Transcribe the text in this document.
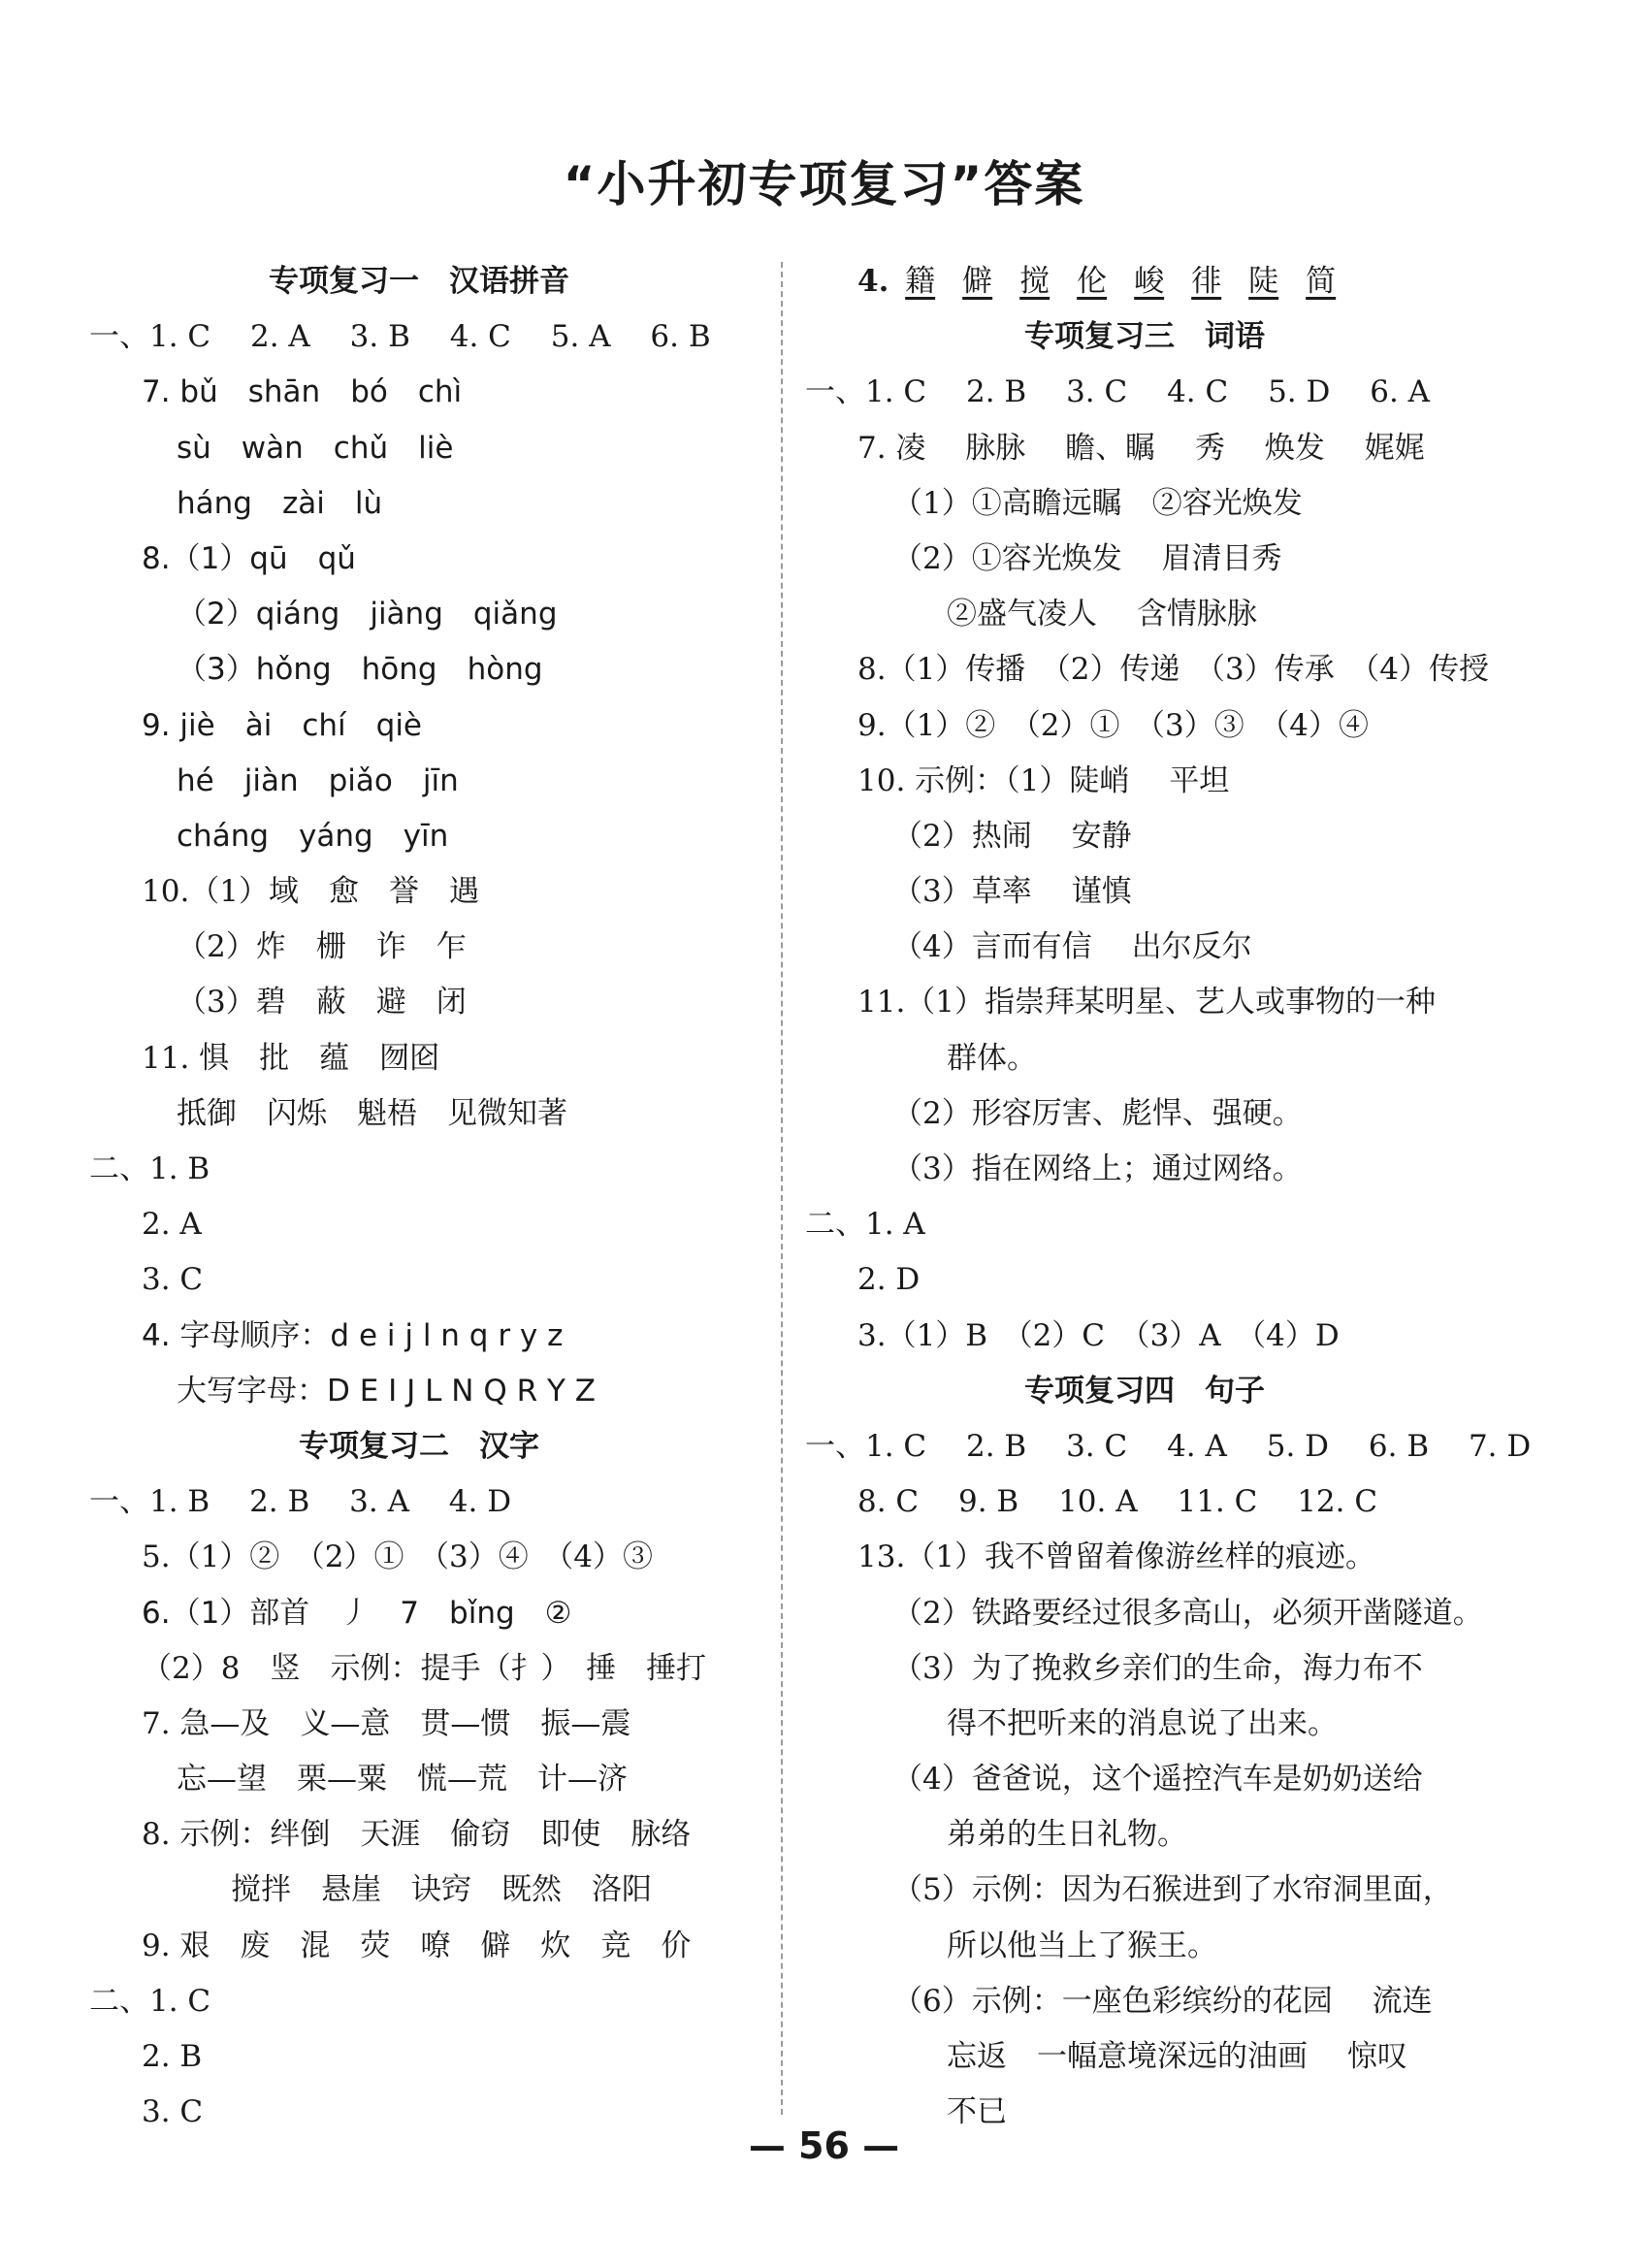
“小升初专项复习”答案
专项复习一　汉语拼音
一、1. C　 2. A　 3. B　 4. C　 5. A　 6. B
7. bǔ　shān　bó　chì
sù　wàn　chǔ　liè
háng　zài　lù
8.（1）qū　qǔ
（2）qiáng　jiàng　qiǎng
（3）hǒng　hōng　hòng
9. jiè　ài　chí　qiè
hé　jiàn　piǎo　jīn
cháng　yáng　yīn
10.（1）域　愈　誉　遇
（2）炸　栅　诈　乍
（3）碧　蔽　避　闭
11. 惧　批　蕴　囫囵
抵御　闪烁　魁梧　见微知著
二、1. B
2. A
3. C
4. 字母顺序：d e i j l n q r y z
大写字母：D E I J L N Q R Y Z
专项复习二　汉字
一、1. B　 2. B　 3. A　 4. D
5.（1）②　（2）①　（3）④　（4）③
6.（1）部首　丿　7　bǐng　②
（2）8　竖　示例：提手（扌）　捶　捶打
7. 急—及　义—意　贯—惯　振—震
忘—望　栗—粟　慌—荒　计—济
8. 示例：绊倒　天涯　偷窃　即使　脉络
搅拌　悬崖　诀窍　既然　洛阳
9. 艰　废　混　荧　嘹　僻　炊　竞　价
二、1. C
2. B
3. C
4. 籍 僻 搅 伦 峻 徘 陡 简
专项复习三　词语
一、1. C　 2. B　 3. C　 4. C　 5. D　 6. A
7. 凌　 脉脉　 瞻、瞩　 秀　 焕发　 娓娓
（1）①高瞻远瞩　②容光焕发
（2）①容光焕发　 眉清目秀
②盛气凌人　 含情脉脉
8.（1）传播　（2）传递　（3）传承　（4）传授
9.（1）②　（2）①　（3）③　（4）④
10. 示例：（1）陡峭　 平坦
（2）热闹　 安静
（3）草率　 谨慎
（4）言而有信　 出尔反尔
11.（1）指崇拜某明星、艺人或事物的一种
群体。
（2）形容厉害、彪悍、强硬。
（3）指在网络上；通过网络。
二、1. A
2. D
3.（1）B　（2）C　（3）A　（4）D
专项复习四　句子
一、1. C　 2. B　 3. C　 4. A　 5. D　 6. B　 7. D
8. C　 9. B　 10. A　 11. C　 12. C
13.（1）我不曾留着像游丝样的痕迹。
（2）铁路要经过很多高山，必须开凿隧道。
（3）为了挽救乡亲们的生命，海力布不
得不把听来的消息说了出来。
（4）爸爸说，这个遥控汽车是奶奶送给
弟弟的生日礼物。
（5）示例：因为石猴进到了水帘洞里面，
所以他当上了猴王。
（6）示例：一座色彩缤纷的花园　 流连
忘返　一幅意境深远的油画　 惊叹
不已
— 56 —
